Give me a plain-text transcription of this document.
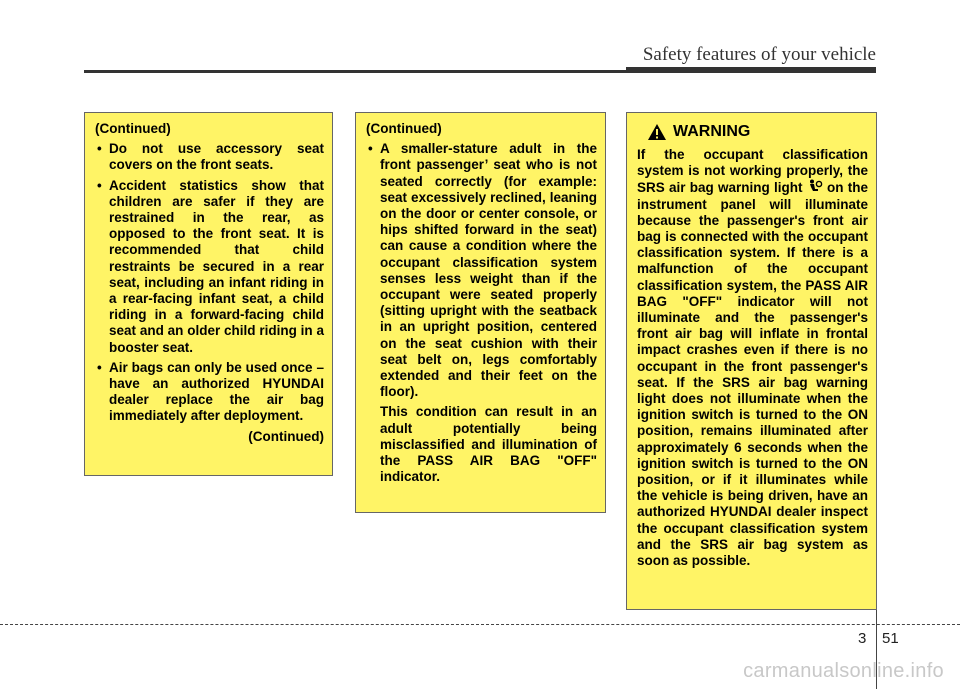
Safety features of your vehicle
(Continued)
• Do not use accessory seat covers on the front seats.
• Accident statistics show that children are safer if they are restrained in the rear, as opposed to the front seat. It is recommended that child restraints be secured in a rear seat, including an infant riding in a rear-facing infant seat, a child riding in a forward-facing child seat and an older child riding in a booster seat.
• Air bags can only be used once – have an authorized HYUNDAI dealer replace the air bag immediately after deployment.
(Continued)
(Continued)
• A smaller-stature adult in the front passenger’ seat who is not seated correctly (for example: seat excessively reclined, leaning on the door or center console, or hips shifted forward in the seat) can cause a condition where the occupant classification system senses less weight than if the occupant were seated properly (sitting upright with the seatback in an upright position, centered on the seat cushion with their seat belt on, legs comfortably extended and their feet on the floor).
This condition can result in an adult potentially being misclassified and illumination of the PASS AIR BAG "OFF" indicator.
WARNING
If the occupant classification system is not working properly, the SRS air bag warning light on the instrument panel will illuminate because the passenger's front air bag is connected with the occupant classification system. If there is a malfunction of the occupant classification system, the PASS AIR BAG "OFF" indicator will not illuminate and the passenger's front air bag will inflate in frontal impact crashes even if there is no occupant in the front passenger's seat. If the SRS air bag warning light does not illuminate when the ignition switch is turned to the ON position, remains illuminated after approximately 6 seconds when the ignition switch is turned to the ON position, or if it illuminates while the vehicle is being driven, have an authorized HYUNDAI dealer inspect the occupant classification system and the SRS air bag system as soon as possible.
3 51
carmanualsonline.info
